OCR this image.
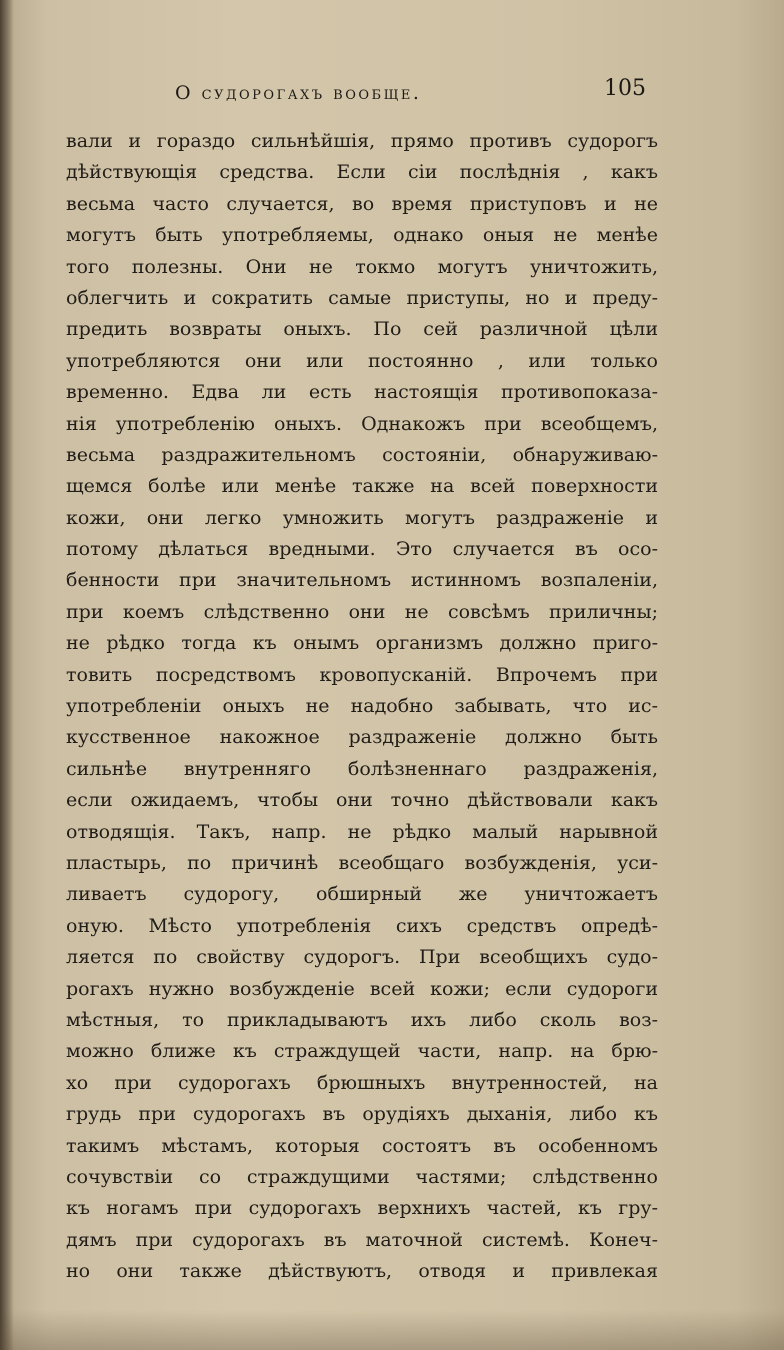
О судорогахъ вообще.	105
вали и гораздо сильнѣйшія, прямо противъ судорогъ
дѣйствующія средства. Если сіи послѣднія , какъ
весьма часто случается, во время приступовъ и не
могутъ быть употребляемы, однако оныя не менѣе
того полезны. Они не токмо могутъ уничтожить,
облегчить и сократить самые приступы, но и преду-
предить возвраты оныхъ. По сей различной цѣли
употребляются они или постоянно , или только
временно. Едва ли есть настоящія противопоказа-
нія употребленію оныхъ. Однакожъ при всеобщемъ,
весьма раздражительномъ состояніи, обнаруживаю-
щемся болѣе или менѣе также на всей поверхности
кожи, они легко умножить могутъ раздраженіе и
потому дѣлаться вредными. Это случается въ осо-
бенности при значительномъ истинномъ возпаленіи,
при коемъ слѣдственно они не совсѣмъ приличны;
не рѣдко тогда къ онымъ организмъ должно приго-
товить посредствомъ кровопусканій. Впрочемъ при
употребленіи оныхъ не надобно забывать, что ис-
кусственное накожное раздраженіе должно быть
сильнѣе внутренняго болѣзненнаго раздраженія,
если ожидаемъ, чтобы они точно дѣйствовали какъ
отводящія. Такъ, напр. не рѣдко малый нарывной
пластырь, по причинѣ всеобщаго возбужденія, уси-
ливаетъ судорогу, обширный же уничтожаетъ
оную. Мѣсто употребленія сихъ средствъ опредѣ-
ляется по свойству судорогъ. При всеобщихъ судо-
рогахъ нужно возбужденіе всей кожи; если судороги
мѣстныя, то прикладываютъ ихъ либо сколь воз-
можно ближе къ страждущей части, напр. на брю-
хо при судорогахъ брюшныхъ внутренностей, на
грудь при судорогахъ въ орудіяхъ дыханія, либо къ
такимъ мѣстамъ, которыя состоятъ въ особенномъ
сочувствіи со страждущими частями; слѣдственно
къ ногамъ при судорогахъ верхнихъ частей, къ гру-
дямъ при судорогахъ въ маточной системѣ. Конеч-
но они также дѣйствуютъ, отводя и привлекая
